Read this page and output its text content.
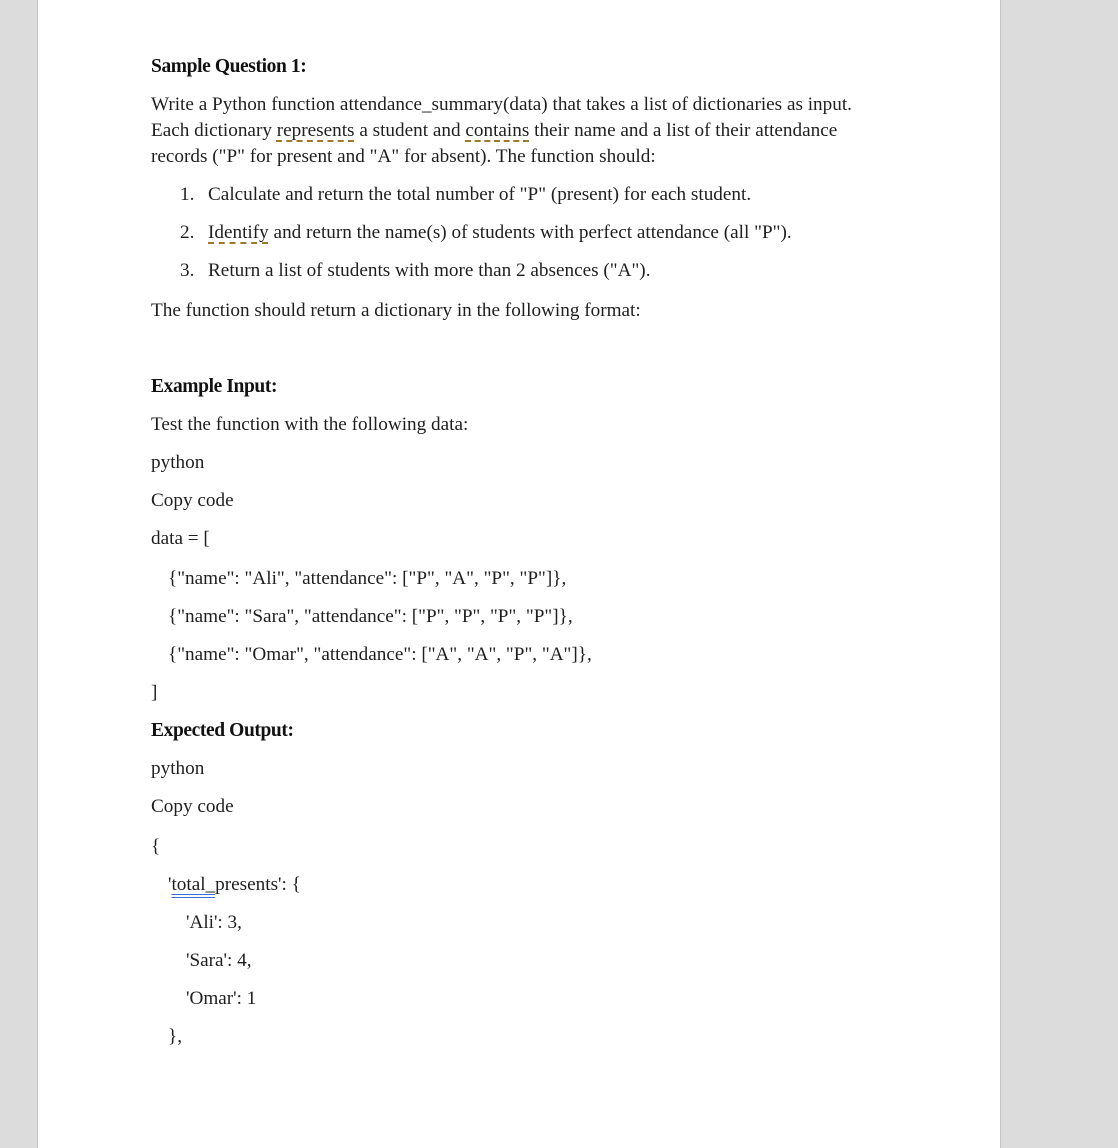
Sample Question 1:
Write a Python function attendance_summary(data) that takes a list of dictionaries as input.
Each dictionary represents a student and contains their name and a list of their attendance
records ("P" for present and "A" for absent). The function should:
1. Calculate and return the total number of "P" (present) for each student.
2. Identify and return the name(s) of students with perfect attendance (all "P").
3. Return a list of students with more than 2 absences ("A").
The function should return a dictionary in the following format:
Example Input:
Test the function with the following data:
python
Copy code
data = [
{"name": "Ali", "attendance": ["P", "A", "P", "P"]},
{"name": "Sara", "attendance": ["P", "P", "P", "P"]},
{"name": "Omar", "attendance": ["A", "A", "P", "A"]},
]
Expected Output:
python
Copy code
{
'total_presents': {
'Ali': 3,
'Sara': 4,
'Omar': 1
},
